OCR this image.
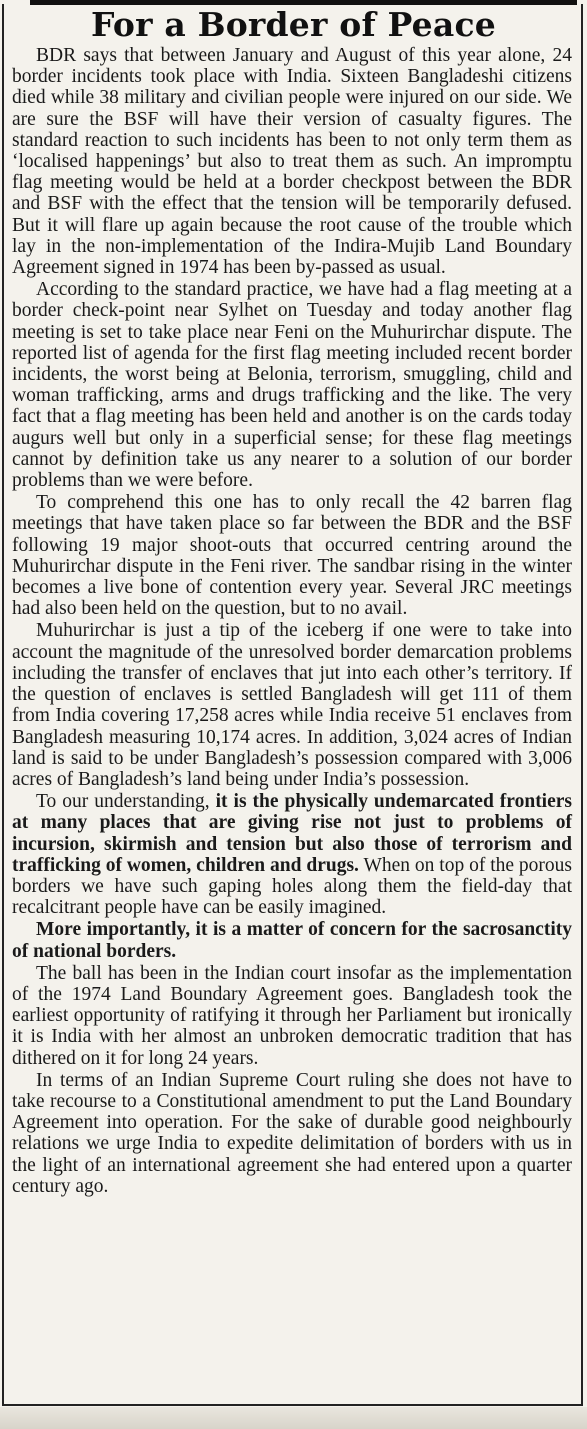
For a Border of Peace

BDR says that between January and August of this year alone, 24 border incidents took place with India. Sixteen Bangladeshi citizens died while 38 military and civilian people were injured on our side. We are sure the BSF will have their version of casualty figures. The standard reaction to such incidents has been to not only term them as ‘localised happenings’ but also to treat them as such. An impromptu flag meeting would be held at a border checkpost between the BDR and BSF with the effect that the tension will be temporarily defused. But it will flare up again because the root cause of the trouble which lay in the non-implementation of the Indira-Mujib Land Boundary Agreement signed in 1974 has been by-passed as usual.

According to the standard practice, we have had a flag meeting at a border check-point near Sylhet on Tuesday and today another flag meeting is set to take place near Feni on the Muhurirchar dispute. The reported list of agenda for the first flag meeting included recent border incidents, the worst being at Belonia, terrorism, smuggling, child and woman trafficking, arms and drugs trafficking and the like. The very fact that a flag meeting has been held and another is on the cards today augurs well but only in a superficial sense; for these flag meetings cannot by definition take us any nearer to a solution of our border problems than we were before.

To comprehend this one has to only recall the 42 barren flag meetings that have taken place so far between the BDR and the BSF following 19 major shoot-outs that occurred centring around the Muhurirchar dispute in the Feni river. The sandbar rising in the winter becomes a live bone of contention every year. Several JRC meetings had also been held on the question, but to no avail.

Muhurirchar is just a tip of the iceberg if one were to take into account the magnitude of the unresolved border demarcation problems including the transfer of enclaves that jut into each other’s territory. If the question of enclaves is settled Bangladesh will get 111 of them from India covering 17,258 acres while India receive 51 enclaves from Bangladesh measuring 10,174 acres. In addition, 3,024 acres of Indian land is said to be under Bangladesh’s possession compared with 3,006 acres of Bangladesh’s land being under India’s possession.

To our understanding, it is the physically undemarcated frontiers at many places that are giving rise not just to problems of incursion, skirmish and tension but also those of terrorism and trafficking of women, children and drugs. When on top of the porous borders we have such gaping holes along them the field-day that recalcitrant people have can be easily imagined.

More importantly, it is a matter of concern for the sacrosanctity of national borders.

The ball has been in the Indian court insofar as the implementation of the 1974 Land Boundary Agreement goes. Bangladesh took the earliest opportunity of ratifying it through her Parliament but ironically it is India with her almost an unbroken democratic tradition that has dithered on it for long 24 years.

In terms of an Indian Supreme Court ruling she does not have to take recourse to a Constitutional amendment to put the Land Boundary Agreement into operation. For the sake of durable good neighbourly relations we urge India to expedite delimitation of borders with us in the light of an international agreement she had entered upon a quarter century ago.
